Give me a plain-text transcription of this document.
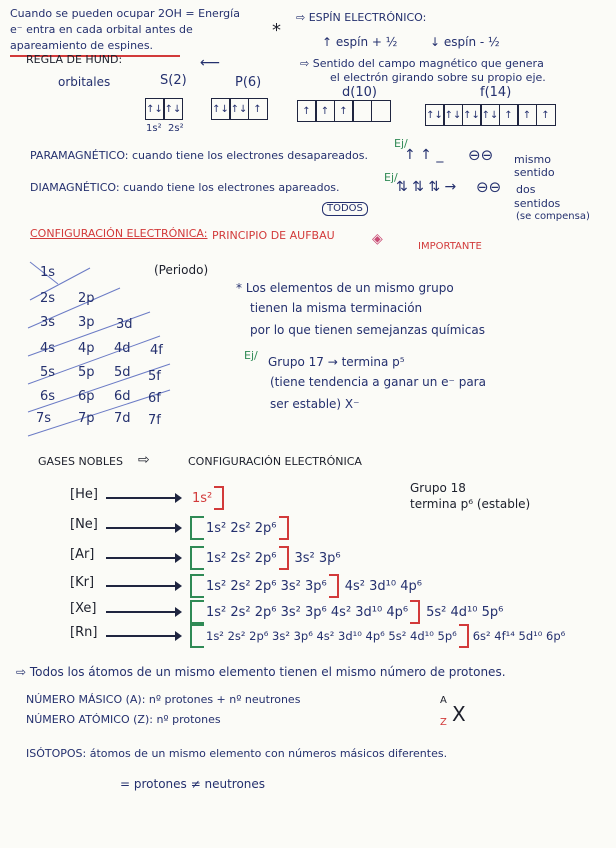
Cuando se pueden ocupar 2OH = Energía
e⁻ entra en cada orbital antes de
apareamiento de espines.
*
⇨ ESPÍN ELECTRÓNICO:
↑ espín + ½	↓ espín - ½
⇨ Sentido del campo magnético que genera
el electrón girando sobre su propio eje.
REGLA DE HUND:	⟵
orbitales	S(2)	P(6)
d(10)	f(14)
↑↓ ↑↓
1s² 2s²
↑↓ ↑↓ ↑	↑	↑	↑	↑↓ ↑↓ ↑↓ ↑↓ ↑	↑	↑
PARAMAGNÉTICO: cuando tiene los electrones desapareados.
Ej/
↑ ↑ _ ⊖⊖ mismo
sentido
DIAMAGNÉTICO: cuando tiene los electrones apareados.
Ej/
⇅ ⇅ ⇅ → ⊖⊖ dos
sentidos
(se compensa)
TODOS
CONFIGURACIÓN ELECTRÓNICA: PRINCIPIO DE AUFBAU	◈	IMPORTANTE
(Periodo)
1s
2s 2p
3s 3p 3d
4s 4p 4d 4f
5s 5p 5d 5f
6s 6p 6d 6f
7s 7p 7d 7f
* Los elementos de un mismo grupo
tienen la misma terminación
por lo que tienen semejanzas químicas
Ej/ Grupo 17 → termina p⁵
(tiene tendencia a ganar un e⁻ para
ser estable) X⁻
GASES NOBLES ⇨	CONFIGURACIÓN ELECTRÓNICA
Grupo 18
termina p⁶ (estable)
[He]	1s²
[Ne]	1s² 2s² 2p⁶
[Ar]	1s² 2s² 2p⁶ 3s² 3p⁶
[Kr]	1s² 2s² 2p⁶ 3s² 3p⁶ 4s² 3d¹⁰ 4p⁶
[Xe]	1s² 2s² 2p⁶ 3s² 3p⁶ 4s² 3d¹⁰ 4p⁶ 5s² 4d¹⁰ 5p⁶
[Rn]	1s² 2s² 2p⁶ 3s² 3p⁶ 4s² 3d¹⁰ 4p⁶ 5s² 4d¹⁰ 5p⁶ 6s² 4f¹⁴ 5d¹⁰ 6p⁶
⇨ Todos los átomos de un mismo elemento tienen el mismo número de protones.
NÚMERO MÁSICO (A): nº protones + nº neutrones
NÚMERO ATÓMICO (Z): nº protones
A
Z X
ISÓTOPOS: átomos de un mismo elemento con números másicos diferentes.
= protones ≠ neutrones
